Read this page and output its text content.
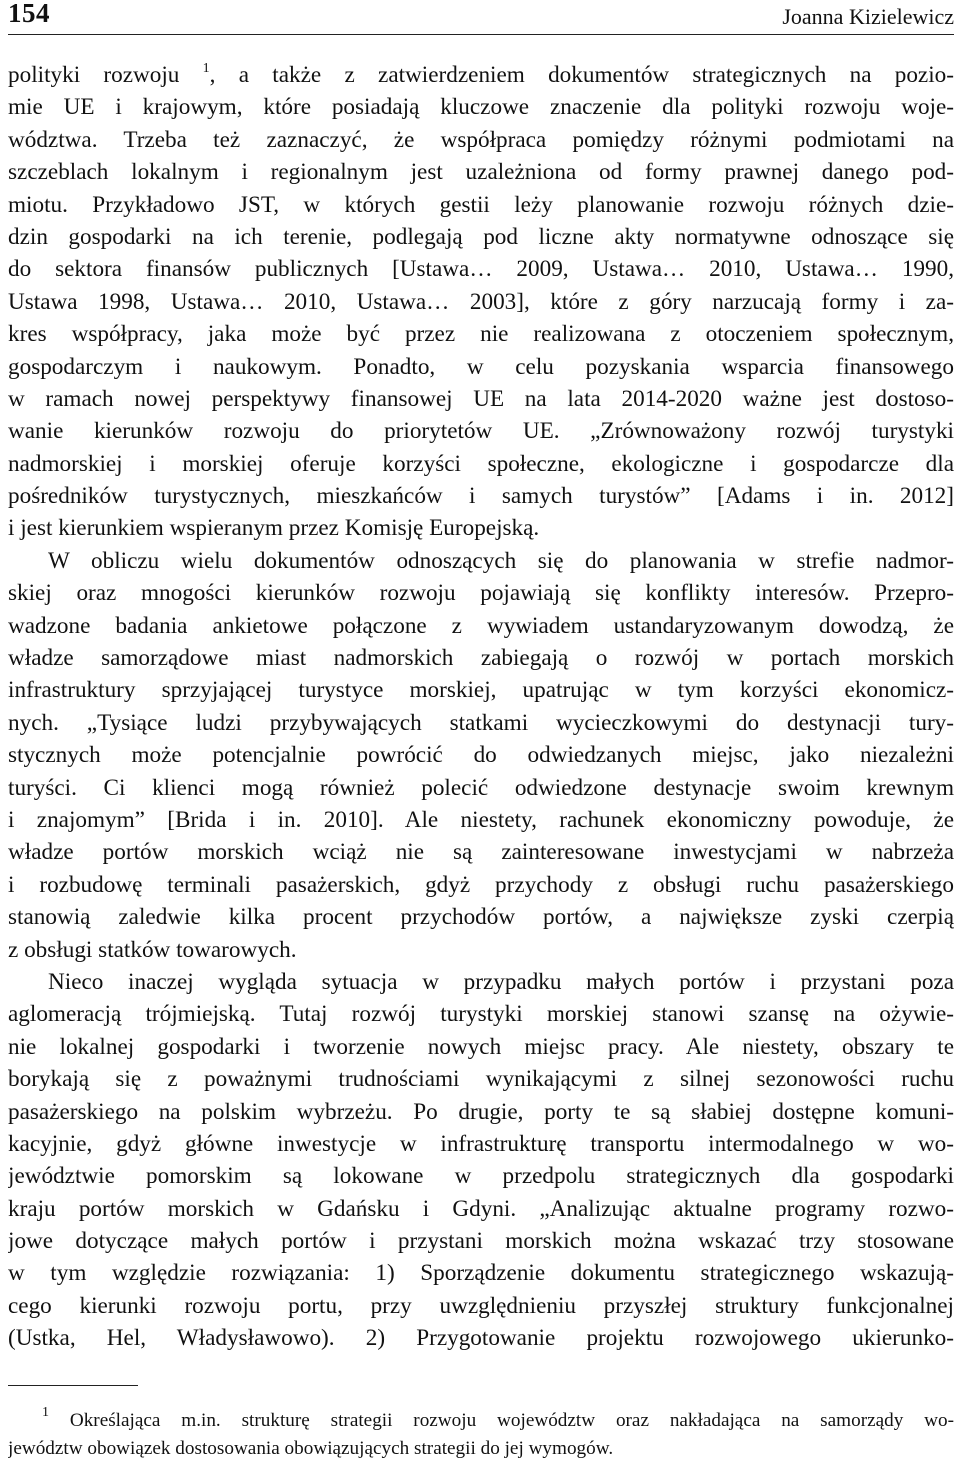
154	Joanna Kizielewicz
polityki rozwoju $^1$, a także z zatwierdzeniem dokumentów strategicznych na pozio-
mie UE i krajowym, które posiadają kluczowe znaczenie dla polityki rozwoju woje-
wództwa. Trzeba też zaznaczyć, że współpraca pomiędzy różnymi podmiotami na
szczeblach lokalnym i regionalnym jest uzależniona od formy prawnej danego pod-
miotu. Przykładowo JST, w których gestii leży planowanie rozwoju różnych dzie-
dzin gospodarki na ich terenie, podlegają pod liczne akty normatywne odnoszące się
do sektora finansów publicznych [Ustawa… 2009, Ustawa… 2010, Ustawa… 1990,
Ustawa 1998, Ustawa… 2010, Ustawa… 2003], które z góry narzucają formy i za-
kres współpracy, jaka może być przez nie realizowana z otoczeniem społecznym,
gospodarczym i naukowym. Ponadto, w celu pozyskania wsparcia finansowego
w ramach nowej perspektywy finansowej UE na lata 2014-2020 ważne jest dostoso-
wanie kierunków rozwoju do priorytetów UE. „Zrównoważony rozwój turystyki
nadmorskiej i morskiej oferuje korzyści społeczne, ekologiczne i gospodarcze dla
pośredników turystycznych, mieszkańców i samych turystów” [Adams i in. 2012]
i jest kierunkiem wspieranym przez Komisję Europejską.
W obliczu wielu dokumentów odnoszących się do planowania w strefie nadmor-
skiej oraz mnogości kierunków rozwoju pojawiają się konflikty interesów. Przepro-
wadzone badania ankietowe połączone z wywiadem ustandaryzowanym dowodzą, że
władze samorządowe miast nadmorskich zabiegają o rozwój w portach morskich
infrastruktury sprzyjającej turystyce morskiej, upatrując w tym korzyści ekonomicz-
nych. „Tysiące ludzi przybywających statkami wycieczkowymi do destynacji tury-
stycznych może potencjalnie powrócić do odwiedzanych miejsc, jako niezależni
turyści. Ci klienci mogą również polecić odwiedzone destynacje swoim krewnym
i znajomym” [Brida i in. 2010]. Ale niestety, rachunek ekonomiczny powoduje, że
władze portów morskich wciąż nie są zainteresowane inwestycjami w nabrzeża
i rozbudowę terminali pasażerskich, gdyż przychody z obsługi ruchu pasażerskiego
stanowią zaledwie kilka procent przychodów portów, a największe zyski czerpią
z obsługi statków towarowych.
Nieco inaczej wygląda sytuacja w przypadku małych portów i przystani poza
aglomeracją trójmiejską. Tutaj rozwój turystyki morskiej stanowi szansę na ożywie-
nie lokalnej gospodarki i tworzenie nowych miejsc pracy. Ale niestety, obszary te
borykają się z poważnymi trudnościami wynikającymi z silnej sezonowości ruchu
pasażerskiego na polskim wybrzeżu. Po drugie, porty te są słabiej dostępne komuni-
kacyjnie, gdyż główne inwestycje w infrastrukturę transportu intermodalnego w wo-
jewództwie pomorskim są lokowane w przedpolu strategicznych dla gospodarki
kraju portów morskich w Gdańsku i Gdyni. „Analizując aktualne programy rozwo-
jowe dotyczące małych portów i przystani morskich można wskazać trzy stosowane
w tym względzie rozwiązania: 1) Sporządzenie dokumentu strategicznego wskazują-
cego kierunki rozwoju portu, przy uwzględnieniu przyszłej struktury funkcjonalnej
(Ustka, Hel, Władysławowo). 2) Przygotowanie projektu rozwojowego ukierunko-
$^1$ Określająca m.in. strukturę strategii rozwoju województw oraz nakładająca na samorządy wo-
jewództw obowiązek dostosowania obowiązujących strategii do jej wymogów.
